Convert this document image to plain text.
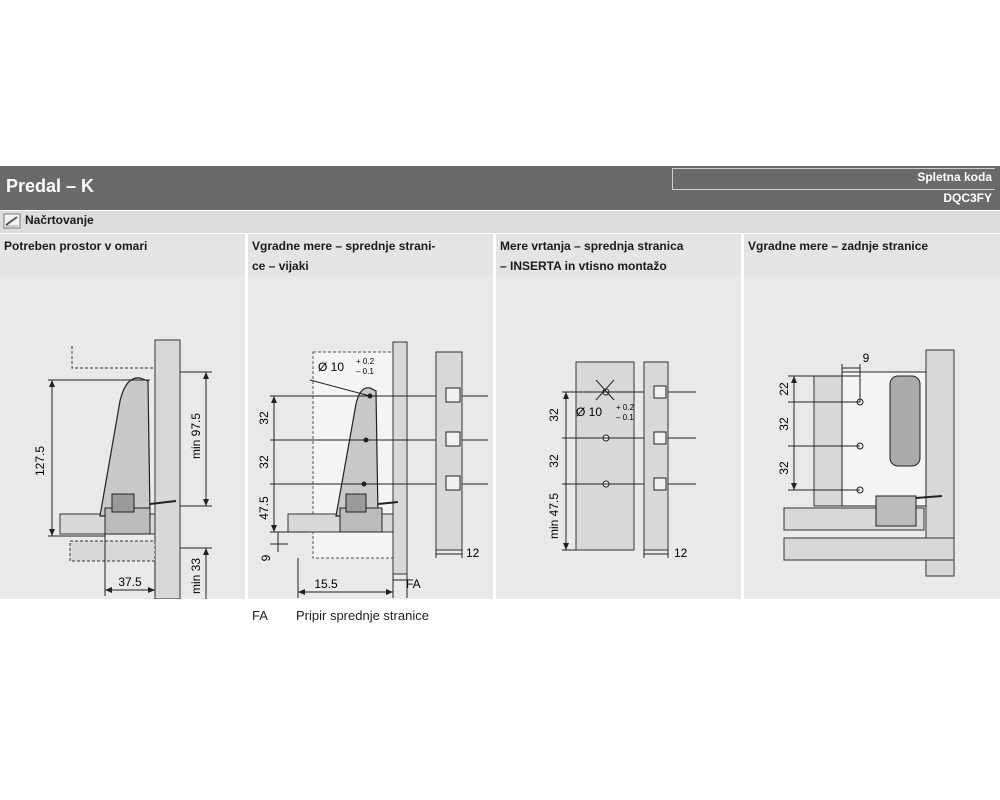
Predal – K	Spletna koda
DQC3FY
Načrtovanje
Potreben prostor v omari	Vgradne mere – sprednje strani-
ce – vijaki
Mere vrtanja – sprednja stranica
– INSERTA in vtisno montažo
Vgradne mere – zadnje stranice
127.5
min 97.5
min 33
37.5
32
32
47.5
9
Ø 10 + 0.2
– 0.1
15.5	FA
12
32
32
min 47.5
Ø 10 + 0.2
– 0.1
12
22
32
32
9
FA Pripir sprednje stranice
